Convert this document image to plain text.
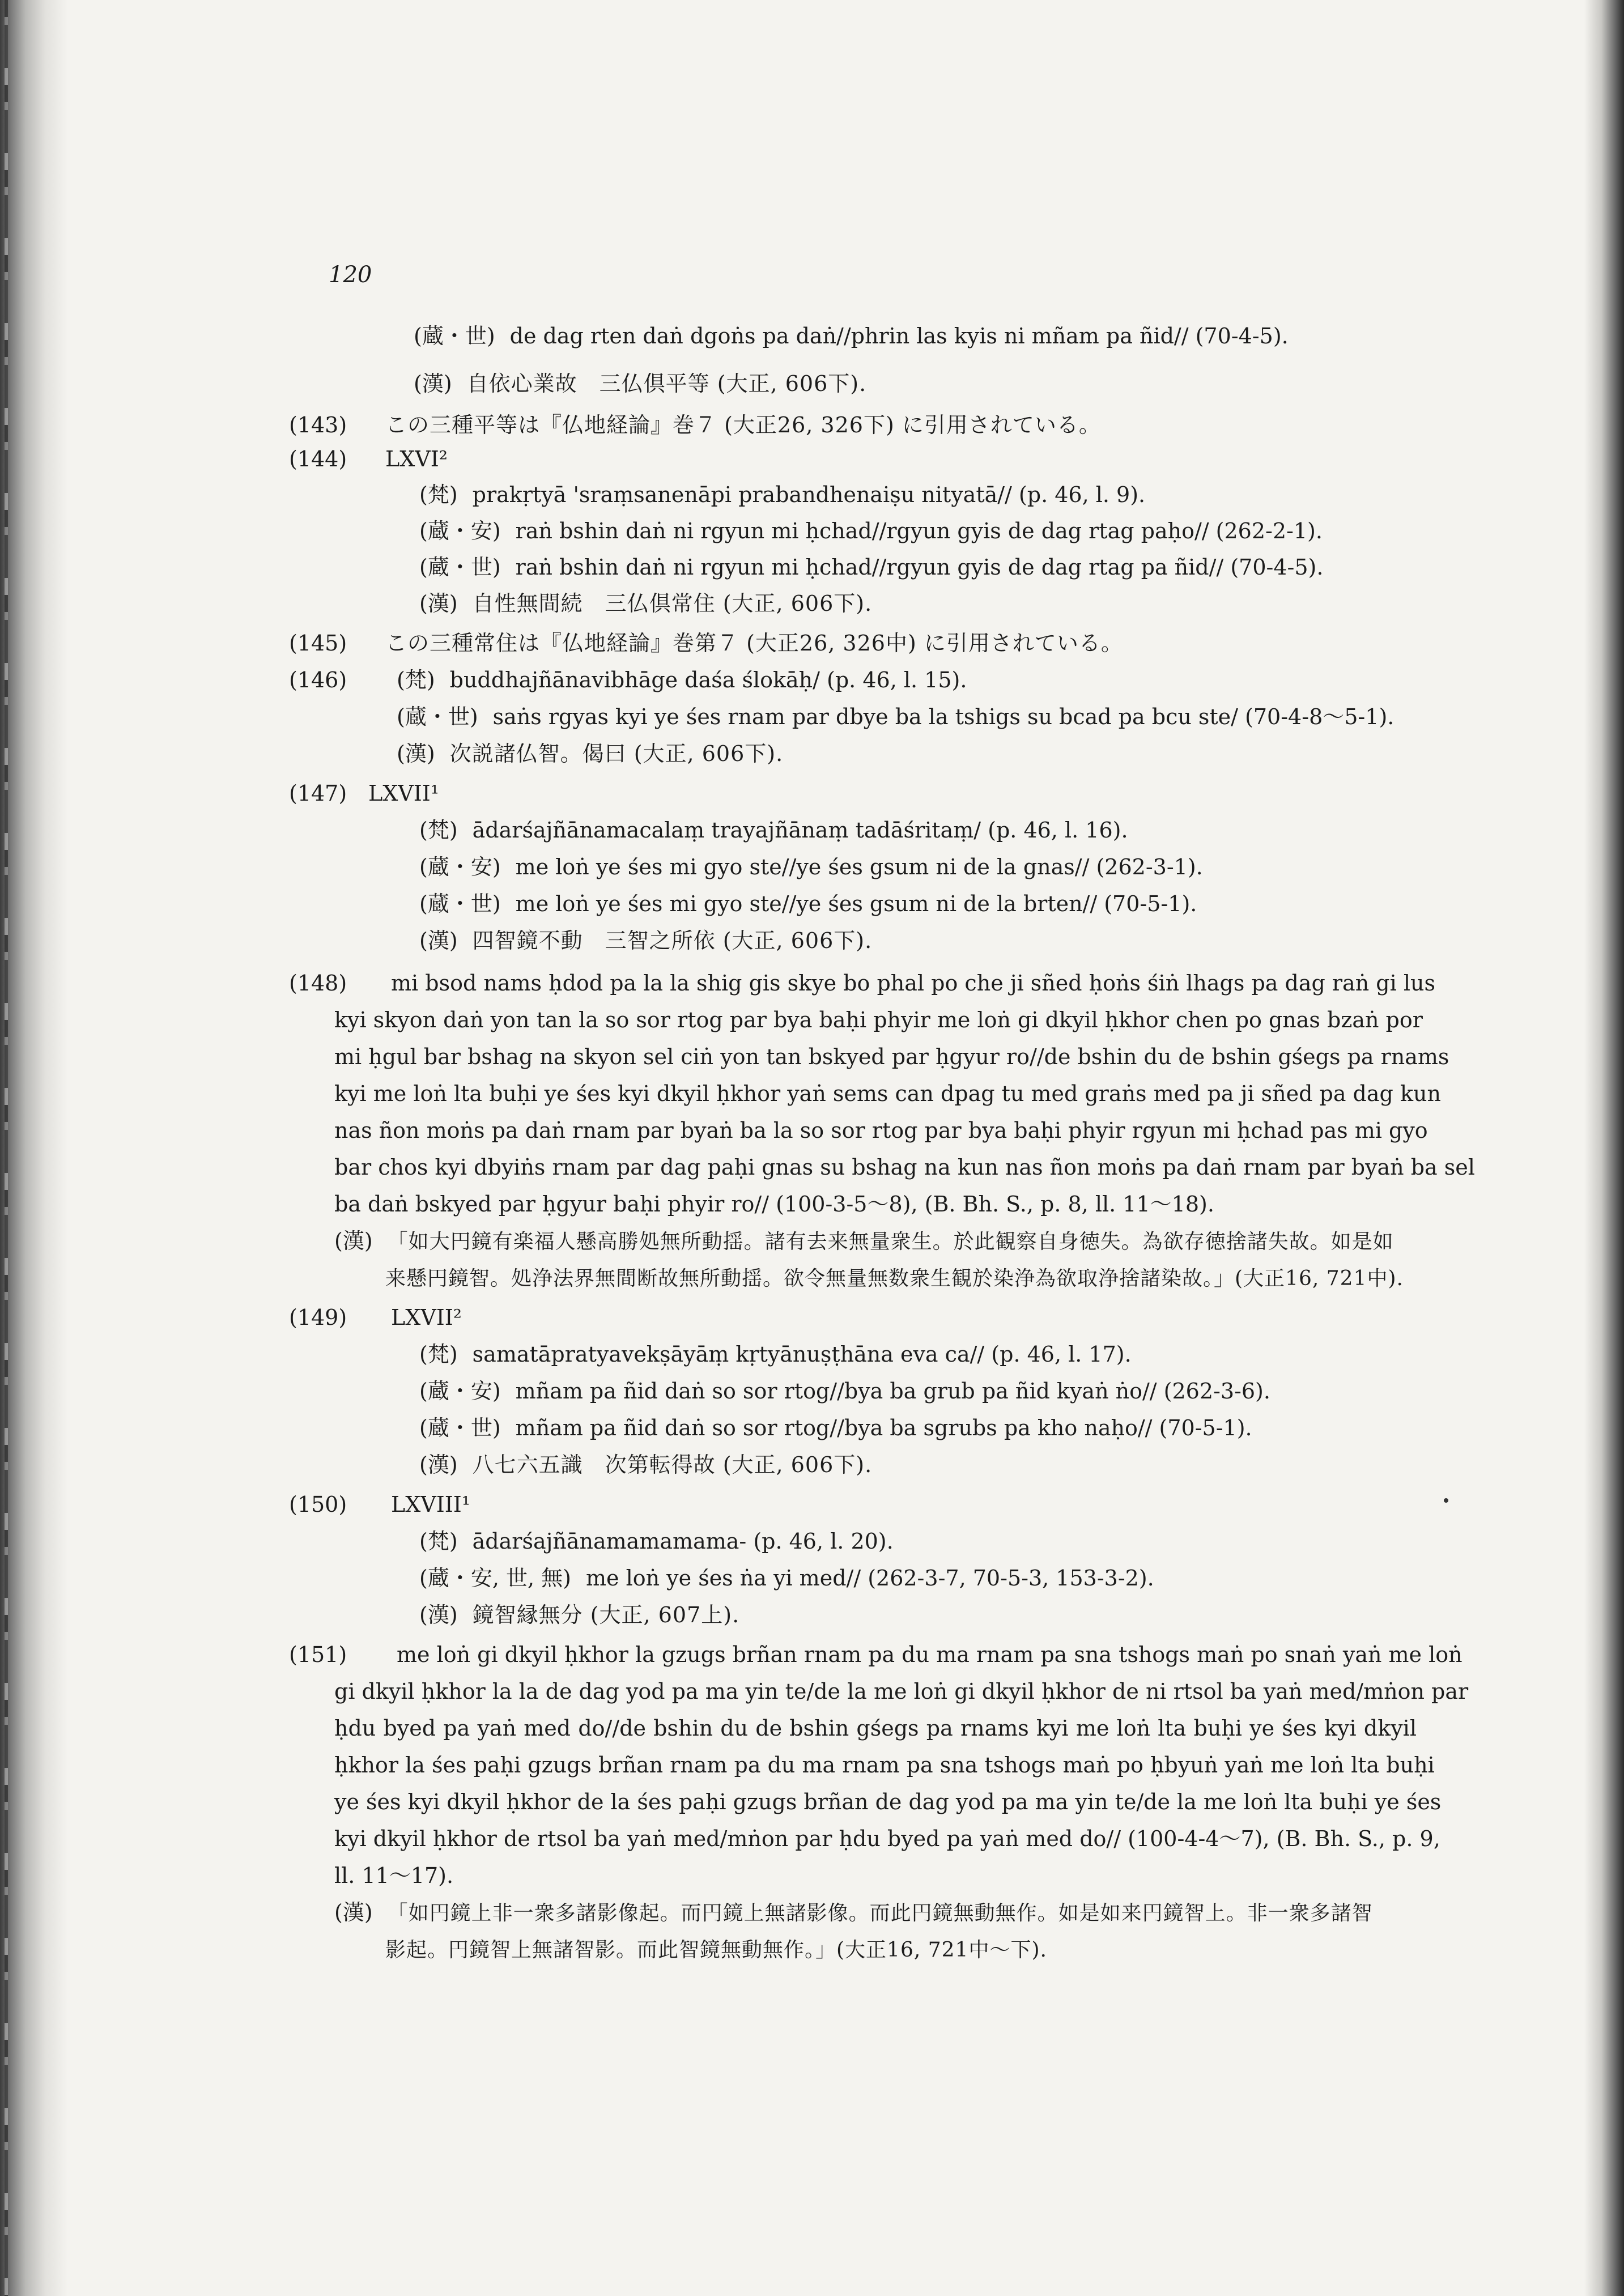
120
(蔵・世) de dag rten daṅ dgoṅs pa daṅ//phrin las kyis ni mñam pa ñid// (70-4-5).
(漢) 自依心業故　三仏倶平等 (大正, 606下).
(143) この三種平等は『仏地経論』巻７ (大正26, 326下) に引用されている。
(144) LXVI²
(梵) prakṛtyā 'sraṃsanenāpi prabandhenaiṣu nityatā// (p. 46, l. 9).
(蔵・安) raṅ bshin daṅ ni rgyun mi ḥchad//rgyun gyis de dag rtag paḥo// (262-2-1).
(蔵・世) raṅ bshin daṅ ni rgyun mi ḥchad//rgyun gyis de dag rtag pa ñid// (70-4-5).
(漢) 自性無間続　三仏倶常住 (大正, 606下).
(145) この三種常住は『仏地経論』巻第７ (大正26, 326中) に引用されている。
(146) (梵) buddhajñānavibhāge daśa ślokāḥ/ (p. 46, l. 15).
(蔵・世) saṅs rgyas kyi ye śes rnam par dbye ba la tshigs su bcad pa bcu ste/ (70-4-8～5-1).
(漢) 次説諸仏智。偈曰 (大正, 606下).
(147) LXVII¹
(梵) ādarśajñānamacalaṃ trayajñānaṃ tadāśritaṃ/ (p. 46, l. 16).
(蔵・安) me loṅ ye śes mi gyo ste//ye śes gsum ni de la gnas// (262-3-1).
(蔵・世) me loṅ ye śes mi gyo ste//ye śes gsum ni de la brten// (70-5-1).
(漢) 四智鏡不動　三智之所依 (大正, 606下).
(148) mi bsod nams ḥdod pa la la shig gis skye bo phal po che ji sñed ḥoṅs śiṅ lhags pa dag raṅ gi lus
kyi skyon daṅ yon tan la so sor rtog par bya baḥi phyir me loṅ gi dkyil ḥkhor chen po gnas bzaṅ por
mi ḥgul bar bshag na skyon sel ciṅ yon tan bskyed par ḥgyur ro//de bshin du de bshin gśegs pa rnams
kyi me loṅ lta buḥi ye śes kyi dkyil ḥkhor yaṅ sems can dpag tu med graṅs med pa ji sñed pa dag kun
nas ñon moṅs pa daṅ rnam par byaṅ ba la so sor rtog par bya baḥi phyir rgyun mi ḥchad pas mi gyo
bar chos kyi dbyiṅs rnam par dag paḥi gnas su bshag na kun nas ñon moṅs pa daṅ rnam par byaṅ ba sel
ba daṅ bskyed par ḥgyur baḥi phyir ro// (100-3-5～8), (B. Bh. S., p. 8, ll. 11～18).
(漢) 「如大円鏡有楽福人懸高勝処無所動揺。諸有去来無量衆生。於此観察自身徳失。為欲存徳捨諸失故。如是如
来懸円鏡智。処浄法界無間断故無所動揺。欲令無量無数衆生観於染浄為欲取浄捨諸染故。」(大正16, 721中).
(149) LXVII²
(梵) samatāpratyavekṣāyāṃ kṛtyānuṣṭhāna eva ca// (p. 46, l. 17).
(蔵・安) mñam pa ñid daṅ so sor rtog//bya ba grub pa ñid kyaṅ ṅo// (262-3-6).
(蔵・世) mñam pa ñid daṅ so sor rtog//bya ba sgrubs pa kho naḥo// (70-5-1).
(漢) 八七六五識　次第転得故 (大正, 606下).
(150) LXVIII¹
(梵) ādarśajñānamamamama- (p. 46, l. 20).
(蔵・安, 世, 無) me loṅ ye śes ṅa yi med// (262-3-7, 70-5-3, 153-3-2).
(漢) 鏡智縁無分 (大正, 607上).
(151) me loṅ gi dkyil ḥkhor la gzugs brñan rnam pa du ma rnam pa sna tshogs maṅ po snaṅ yaṅ me loṅ
gi dkyil ḥkhor la la de dag yod pa ma yin te/de la me loṅ gi dkyil ḥkhor de ni rtsol ba yaṅ med/mṅon par
ḥdu byed pa yaṅ med do//de bshin du de bshin gśegs pa rnams kyi me loṅ lta buḥi ye śes kyi dkyil
ḥkhor la śes paḥi gzugs brñan rnam pa du ma rnam pa sna tshogs maṅ po ḥbyuṅ yaṅ me loṅ lta buḥi
ye śes kyi dkyil ḥkhor de la śes paḥi gzugs brñan de dag yod pa ma yin te/de la me loṅ lta buḥi ye śes
kyi dkyil ḥkhor de rtsol ba yaṅ med/mṅon par ḥdu byed pa yaṅ med do// (100-4-4～7), (B. Bh. S., p. 9,
ll. 11～17).
(漢) 「如円鏡上非一衆多諸影像起。而円鏡上無諸影像。而此円鏡無動無作。如是如来円鏡智上。非一衆多諸智
影起。円鏡智上無諸智影。而此智鏡無動無作。」(大正16, 721中～下).
